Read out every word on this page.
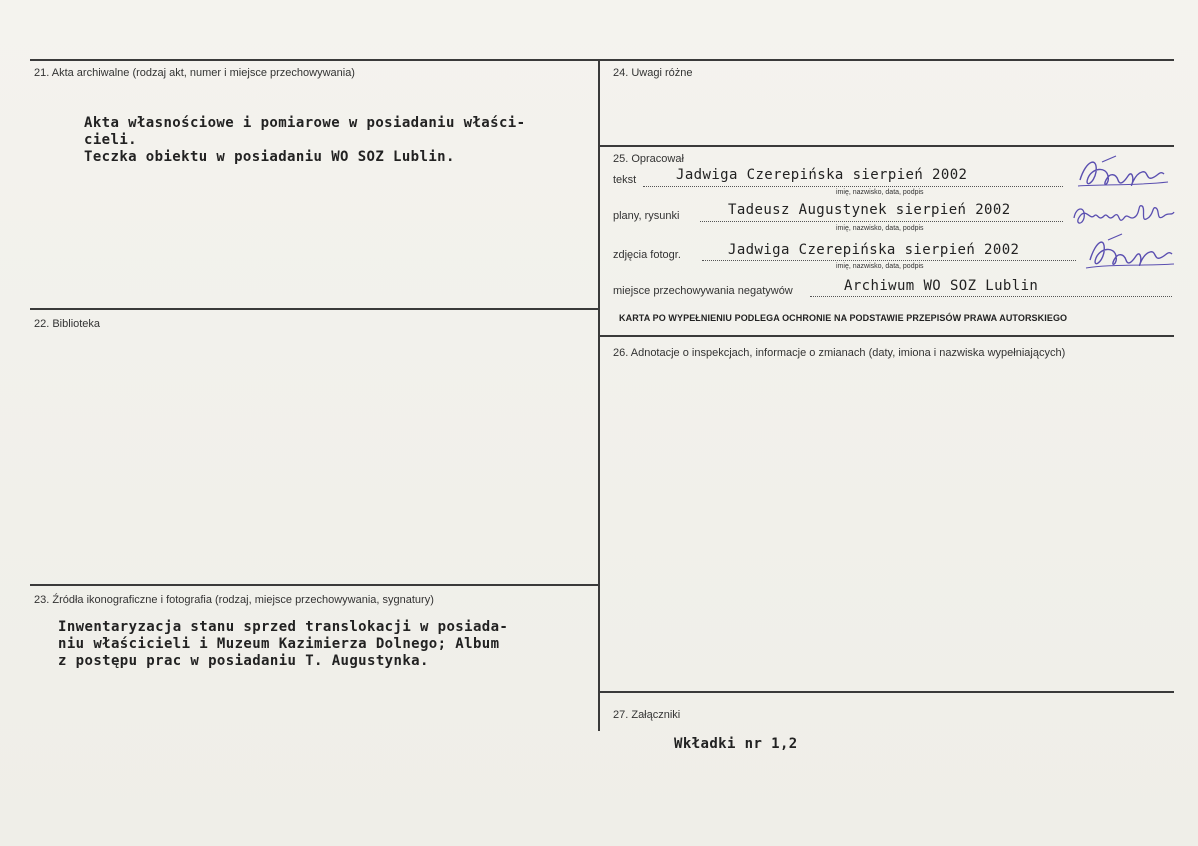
21. Akta archiwalne (rodzaj akt, numer i miejsce przechowywania)
Akta własnościowe i pomiarowe w posiadaniu właści-
cieli.
Teczka obiektu w posiadaniu WO SOZ Lublin.
22. Biblioteka
23. Źródła ikonograficzne i fotografia (rodzaj, miejsce przechowywania, sygnatury)
Inwentaryzacja stanu sprzed translokacji w posiada-
niu właścicieli i Muzeum Kazimierza Dolnego; Album
z postępu prac w posiadaniu T. Augustynka.
24. Uwagi różne
25. Opracował
tekst	Jadwiga Czerepińska sierpień 2002
imię, nazwisko, data, podpis
plany, rysunki	Tadeusz Augustynek sierpień 2002
imię, nazwisko, data, podpis
zdjęcia fotogr.	Jadwiga Czerepińska sierpień 2002
imię, nazwisko, data, podpis
miejsce przechowywania negatywów	Archiwum WO SOZ Lublin
KARTA PO WYPEŁNIENIU PODLEGA OCHRONIE NA PODSTAWIE PRZEPISÓW PRAWA AUTORSKIEGO
26. Adnotacje o inspekcjach, informacje o zmianach (daty, imiona i nazwiska wypełniających)
27. Załączniki
Wkładki nr 1,2
